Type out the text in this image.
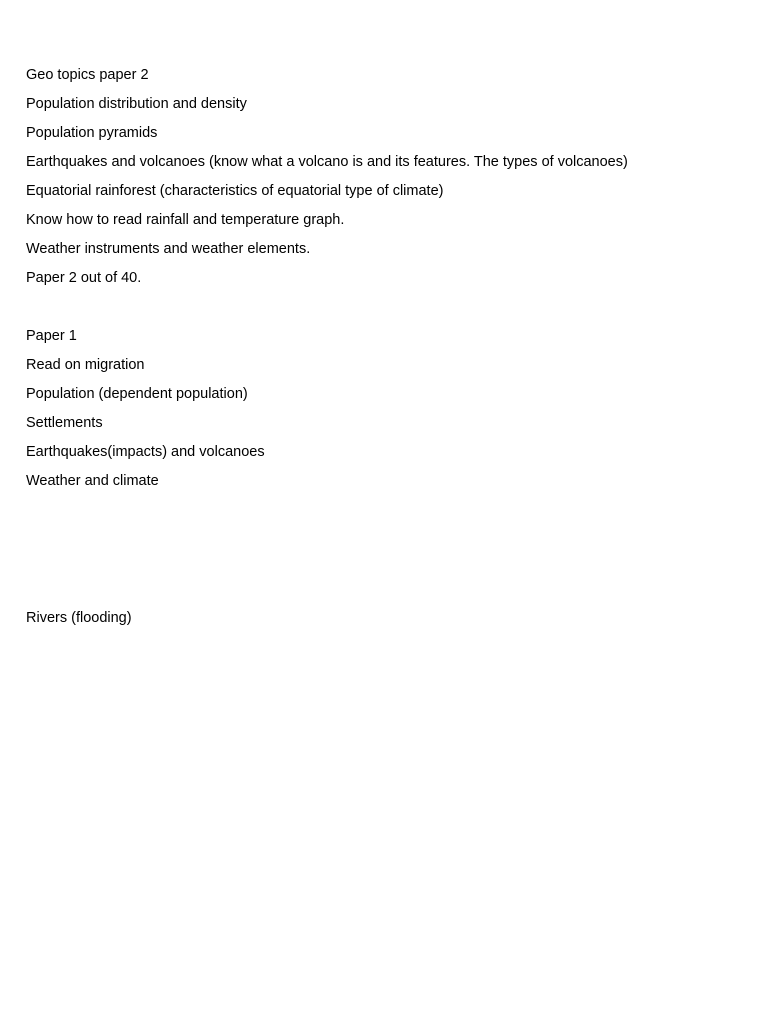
Geo topics paper 2
Population distribution and density
Population pyramids
Earthquakes and volcanoes (know what a volcano is and its features. The types of volcanoes)
Equatorial rainforest (characteristics of equatorial type of climate)
Know how to read rainfall and temperature graph.
Weather instruments and weather elements.
Paper 2 out of 40.
Paper 1
Read on migration
Population (dependent population)
Settlements
Earthquakes(impacts) and volcanoes
Weather and climate
Rivers (flooding)
